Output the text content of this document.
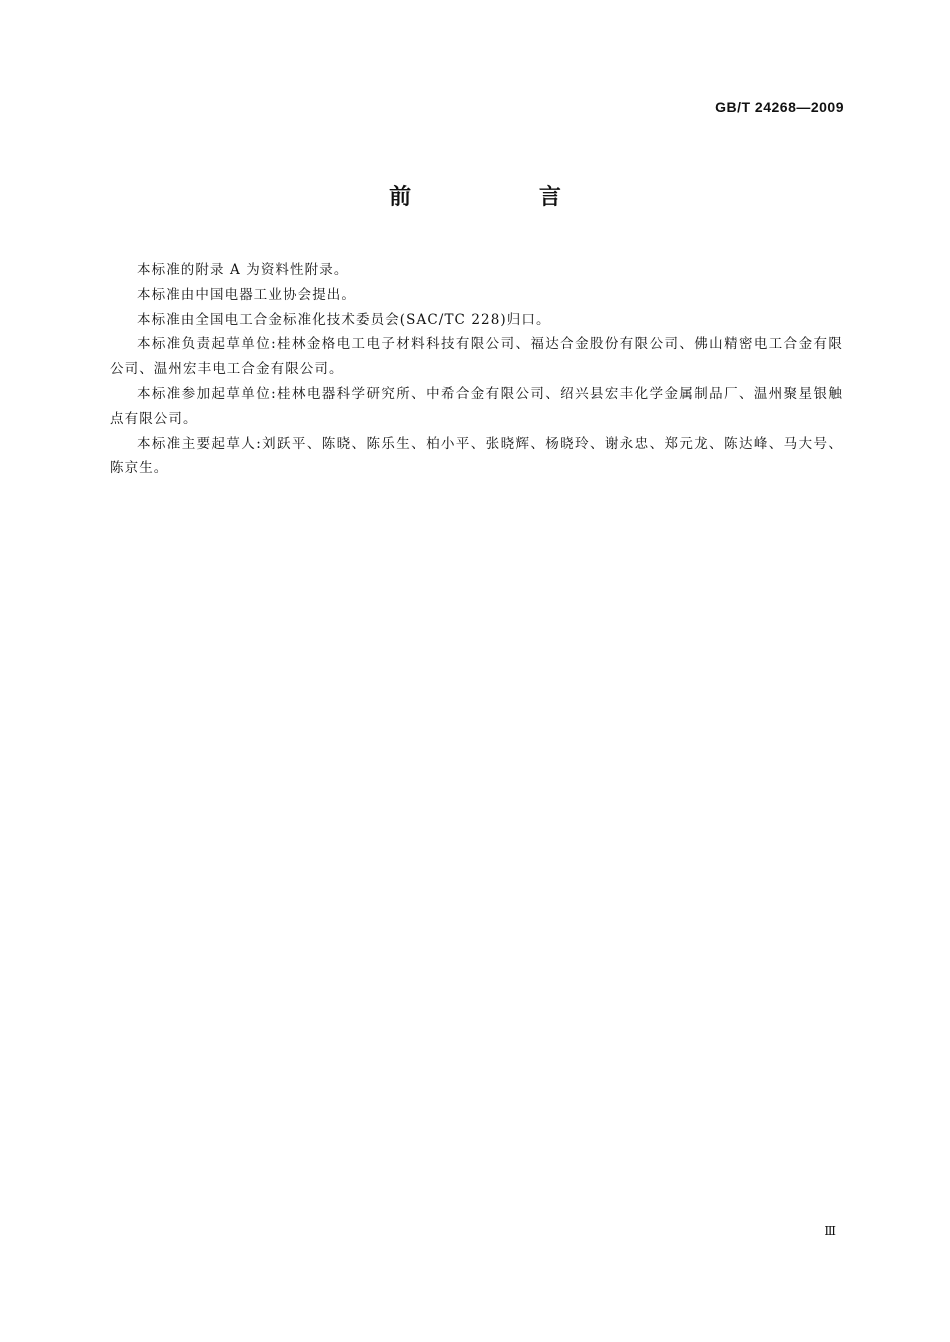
GB/T 24268—2009
前 言

本标准的附录 A 为资料性附录。

本标准由中国电器工业协会提出。

本标准由全国电工合金标准化技术委员会(SAC/TC 228)归口。

本标准负责起草单位:桂林金格电工电子材料科技有限公司、福达合金股份有限公司、佛山精密电工合金有限公司、温州宏丰电工合金有限公司。

本标准参加起草单位:桂林电器科学研究所、中希合金有限公司、绍兴县宏丰化学金属制品厂、温州聚星银触点有限公司。

本标准主要起草人:刘跃平、陈晓、陈乐生、柏小平、张晓辉、杨晓玲、谢永忠、郑元龙、陈达峰、马大号、陈京生。

Ⅲ
